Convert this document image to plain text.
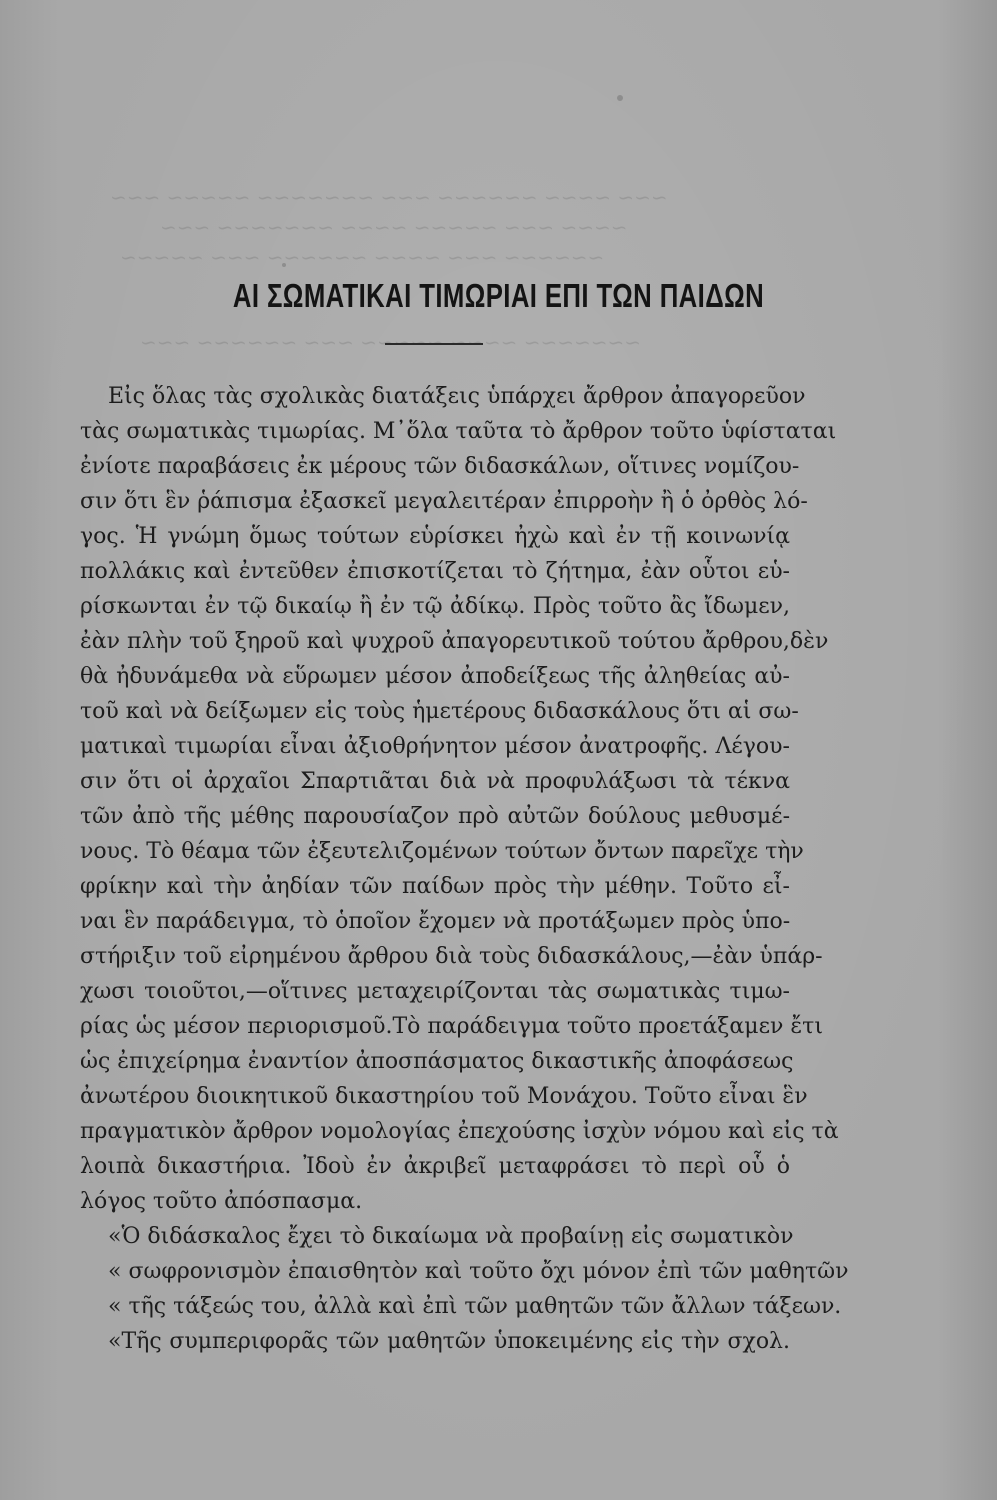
~~~ ~~~~ ~~~~~~ ~~~ ~~~~~~~ ~~~~~ ~~~
~~~~ ~~~ ~~~~~ ~~~~ ~~~~~~~ ~~~
~~~~~~ ~~~ ~~~~ ~~~~~~ ~~~ ~~~~~
~~~~~~~ ~~~~ ~~~~~ ~~~ ~~~~~~ ~~~
ΑΙ ΣΩΜΑΤΙΚΑΙ ΤΙΜΩΡΙΑΙ ΕΠΙ ΤΩΝ ΠΑΙΔΩΝ
Εἰς ὅλας τὰς σχολικὰς διατάξεις ὑπάρχει ἄρθρον ἀπαγορεῦον
τὰς σωματικὰς τιμωρίας. Μ᾿ὅλα ταῦτα τὸ ἄρθρον τοῦτο ὑφίσταται
ἐνίοτε παραβάσεις ἐκ μέρους τῶν διδασκάλων, οἵτινες νομίζου-
σιν ὅτι ἓν ῥάπισμα ἐξασκεῖ μεγαλειτέραν ἐπιρροὴν ἢ ὁ ὀρθὸς λό-
γος. Ἡ γνώμη ὅμως τούτων εὑρίσκει ἠχὼ καὶ ἐν τῇ κοινωνίᾳ
πολλάκις καὶ ἐντεῦθεν ἐπισκοτίζεται τὸ ζήτημα, ἐὰν οὗτοι εὑ-
ρίσκωνται ἐν τῷ δικαίῳ ἢ ἐν τῷ ἀδίκῳ. Πρὸς τοῦτο ἂς ἴδωμεν,
ἐὰν πλὴν τοῦ ξηροῦ καὶ ψυχροῦ ἀπαγορευτικοῦ τούτου ἄρθρου,δὲν
θὰ ἠδυνάμεθα νὰ εὕρωμεν μέσον ἀποδείξεως τῆς ἀληθείας αὐ-
τοῦ καὶ νὰ δείξωμεν εἰς τοὺς ἡμετέρους διδασκάλους ὅτι αἱ σω-
ματικαὶ τιμωρίαι εἶναι ἀξιοθρήνητον μέσον ἀνατροφῆς. Λέγου-
σιν ὅτι οἱ ἀρχαῖοι Σπαρτιᾶται διὰ νὰ προφυλάξωσι τὰ τέκνα
τῶν ἀπὸ τῆς μέθης παρουσίαζον πρὸ αὐτῶν δούλους μεθυσμέ-
νους. Τὸ θέαμα τῶν ἐξευτελιζομένων τούτων ὄντων παρεῖχε τὴν
φρίκην καὶ τὴν ἀηδίαν τῶν παίδων πρὸς τὴν μέθην. Τοῦτο εἶ-
ναι ἓν παράδειγμα, τὸ ὁποῖον ἔχομεν νὰ προτάξωμεν πρὸς ὑπο-
στήριξιν τοῦ εἰρημένου ἄρθρου διὰ τοὺς διδασκάλους,—ἐὰν ὑπάρ-
χωσι τοιοῦτοι,—οἵτινες μεταχειρίζονται τὰς σωματικὰς τιμω-
ρίας ὡς μέσον περιορισμοῦ.Τὸ παράδειγμα τοῦτο προετάξαμεν ἔτι
ὡς ἐπιχείρημα ἐναντίον ἀποσπάσματος δικαστικῆς ἀποφάσεως
ἀνωτέρου διοικητικοῦ δικαστηρίου τοῦ Μονάχου. Τοῦτο εἶναι ἓν
πραγματικὸν ἄρθρον νομολογίας ἐπεχούσης ἰσχὺν νόμου καὶ εἰς τὰ
λοιπὰ δικαστήρια. Ἰδοὺ ἐν ἀκριβεῖ μεταφράσει τὸ περὶ οὗ ὁ
λόγος τοῦτο ἀπόσπασμα.
«Ὁ διδάσκαλος ἔχει τὸ δικαίωμα νὰ προβαίνῃ εἰς σωματικὸν
« σωφρονισμὸν ἐπαισθητὸν καὶ τοῦτο ὄχι μόνον ἐπὶ τῶν μαθητῶν
« τῆς τάξεώς του, ἀλλὰ καὶ ἐπὶ τῶν μαθητῶν τῶν ἄλλων τάξεων.
«Τῆς συμπεριφορᾶς τῶν μαθητῶν ὑποκειμένης εἰς τὴν σχολ.
